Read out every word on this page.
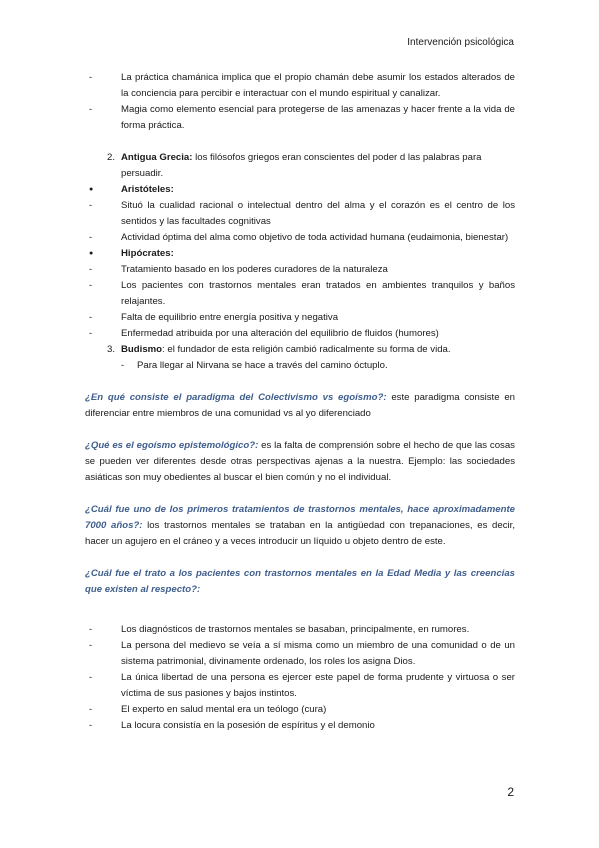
Intervención psicológica
- La práctica chamánica implica que el propio chamán debe asumir los estados alterados de la conciencia para percibir e interactuar con el mundo espiritual y canalizar.
- Magia como elemento esencial para protegerse de las amenazas y hacer frente a la vida de forma práctica.
2. Antigua Grecia: los filósofos griegos eran conscientes del poder d las palabras para persuadir.
● Aristóteles:
- Situó la cualidad racional o intelectual dentro del alma y el corazón es el centro de los sentidos y las facultades cognitivas
- Actividad óptima del alma como objetivo de toda actividad humana (eudaimonia, bienestar)
● Hipócrates:
- Tratamiento basado en los poderes curadores de la naturaleza
- Los pacientes con trastornos mentales eran tratados en ambientes tranquilos y baños relajantes.
- Falta de equilibrio entre energía positiva y negativa
- Enfermedad atribuida por una alteración del equilibrio de fluidos (humores)
3. Budismo: el fundador de esta religión cambió radicalmente su forma de vida.
- Para llegar al Nirvana se hace a través del camino óctuplo.
¿En qué consiste el paradigma del Colectivismo vs egoísmo?: este paradigma consiste en diferenciar entre miembros de una comunidad vs al yo diferenciado
¿Qué es el egoísmo epistemológico?: es la falta de comprensión sobre el hecho de que las cosas se pueden ver diferentes desde otras perspectivas ajenas a la nuestra. Ejemplo: las sociedades asiáticas son muy obedientes al buscar el bien común y no el individual.
¿Cuál fue uno de los primeros tratamientos de trastornos mentales, hace aproximadamente 7000 años?: los trastornos mentales se trataban en la antigüedad con trepanaciones, es decir, hacer un agujero en el cráneo y a veces introducir un líquido u objeto dentro de este.
¿Cuál fue el trato a los pacientes con trastornos mentales en la Edad Media y las creencias que existen al respecto?:
- Los diagnósticos de trastornos mentales se basaban, principalmente, en rumores.
- La persona del medievo se veía a sí misma como un miembro de una comunidad o de un sistema patrimonial, divinamente ordenado, los roles los asigna Dios.
- La única libertad de una persona es ejercer este papel de forma prudente y virtuosa o ser víctima de sus pasiones y bajos instintos.
- El experto en salud mental era un teólogo (cura)
- La locura consistía en la posesión de espíritus y el demonio
2
